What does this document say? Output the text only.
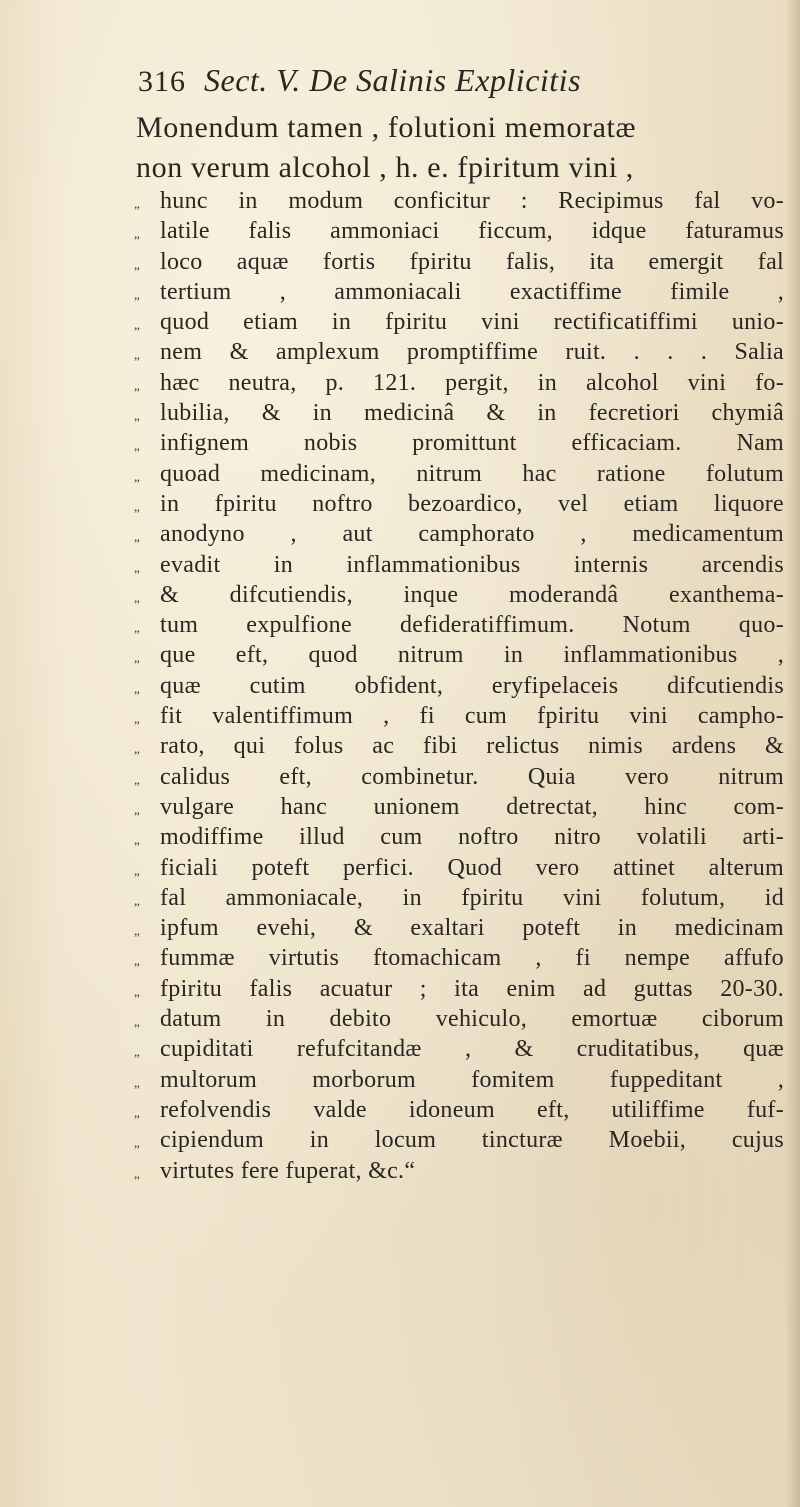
316 Sect. V. De Salinis Explicitis
Monendum tamen , folutioni memoratæ
non verum alcohol , h. e. fpiritum vini ,
„ hunc in modum conficitur : Recipimus fal vo-
„ latile falis ammoniaci ficcum, idque faturamus
„ loco aquæ fortis fpiritu falis, ita emergit fal
„ tertium , ammoniacali exactiffime fimile ,
„ quod etiam in fpiritu vini rectificatiffimi unio-
„ nem & amplexum promptiffime ruit. . . . Salia
„ hæc neutra, p. 121. pergit, in alcohol vini fo-
„ lubilia, & in medicinâ & in fecretiori chymiâ
„ infignem nobis promittunt efficaciam. Nam
„ quoad medicinam, nitrum hac ratione folutum
„ in fpiritu noftro bezoardico, vel etiam liquore
„ anodyno , aut camphorato , medicamentum
„ evadit in inflammationibus internis arcendis
„ & difcutiendis, inque moderandâ exanthema-
„ tum expulfione defideratiffimum. Notum quo-
„ que eft, quod nitrum in inflammationibus ,
„ quæ cutim obfident, eryfipelaceis difcutiendis
„ fit valentiffimum , fi cum fpiritu vini campho-
„ rato, qui folus ac fibi relictus nimis ardens &
„ calidus eft, combinetur. Quia vero nitrum
„ vulgare hanc unionem detrectat, hinc com-
„ modiffime illud cum noftro nitro volatili arti-
„ ficiali poteft perfici. Quod vero attinet alterum
„ fal ammoniacale, in fpiritu vini folutum, id
„ ipfum evehi, & exaltari poteft in medicinam
„ fummæ virtutis ftomachicam , fi nempe affufo
„ fpiritu falis acuatur ; ita enim ad guttas 20-30.
„ datum in debito vehiculo, emortuæ ciborum
„ cupiditati refufcitandæ , & cruditatibus, quæ
„ multorum morborum fomitem fuppeditant ,
„ refolvendis valde idoneum eft, utiliffime fuf-
„ cipiendum in locum tincturæ Moebii, cujus
„ virtutes fere fuperat, &c.“
